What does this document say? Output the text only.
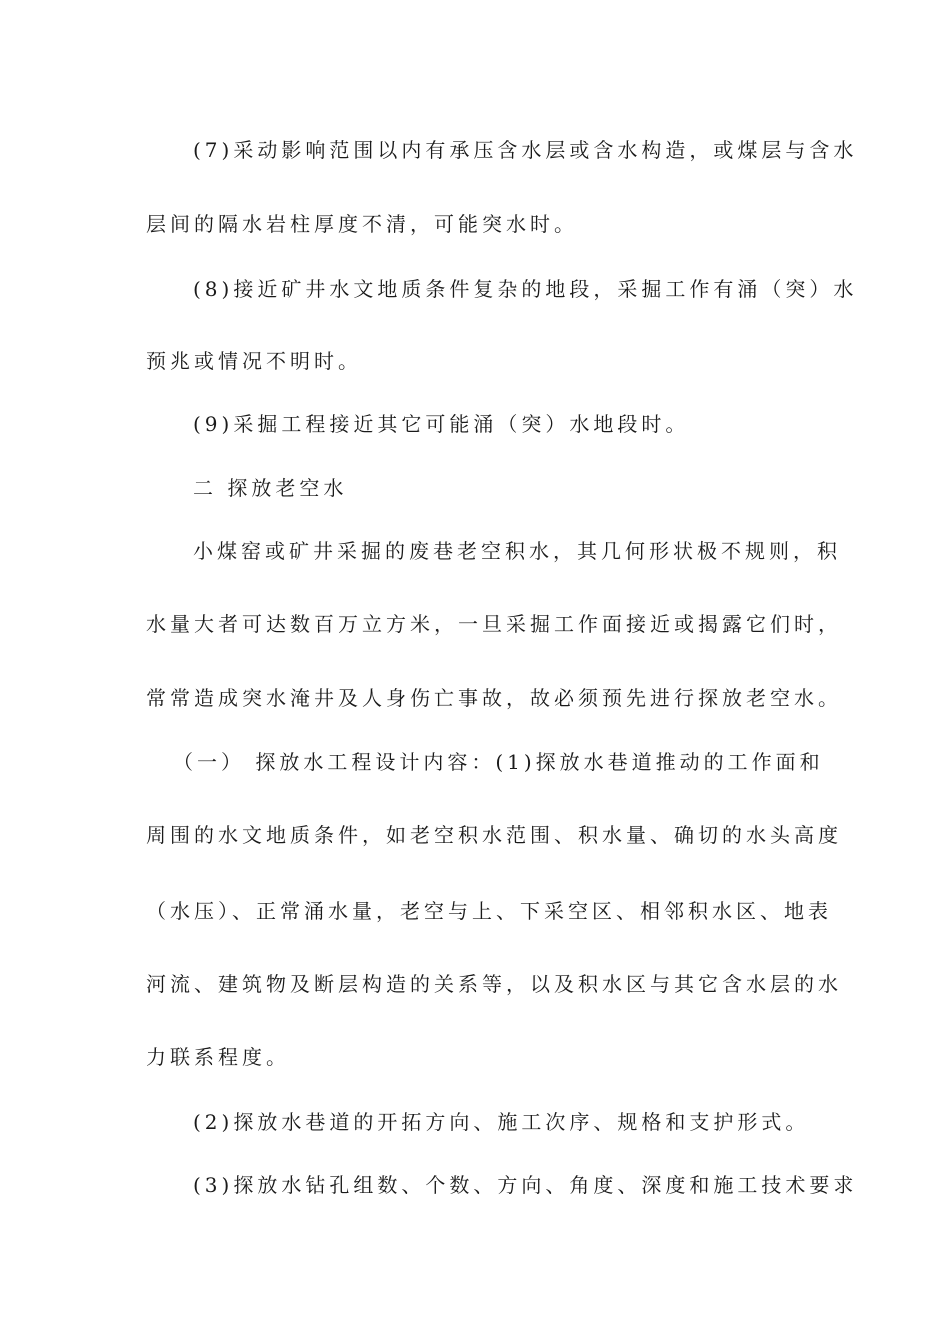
(7)采动影响范围以内有承压含水层或含水构造，或煤层与含水
层间的隔水岩柱厚度不清，可能突水时。
(8)接近矿井水文地质条件复杂的地段，采掘工作有涌（突）水
预兆或情况不明时。
(9)采掘工程接近其它可能涌（突）水地段时。
二 探放老空水
小煤窑或矿井采掘的废巷老空积水，其几何形状极不规则，积
水量大者可达数百万立方米，一旦采掘工作面接近或揭露它们时，
常常造成突水淹井及人身伤亡事故，故必须预先进行探放老空水。
（一） 探放水工程设计内容：(1)探放水巷道推动的工作面和
周围的水文地质条件，如老空积水范围、积水量、确切的水头高度
（水压）、正常涌水量，老空与上、下采空区、相邻积水区、地表
河流、建筑物及断层构造的关系等，以及积水区与其它含水层的水
力联系程度。
(2)探放水巷道的开拓方向、施工次序、规格和支护形式。
(3)探放水钻孔组数、个数、方向、角度、深度和施工技术要求
